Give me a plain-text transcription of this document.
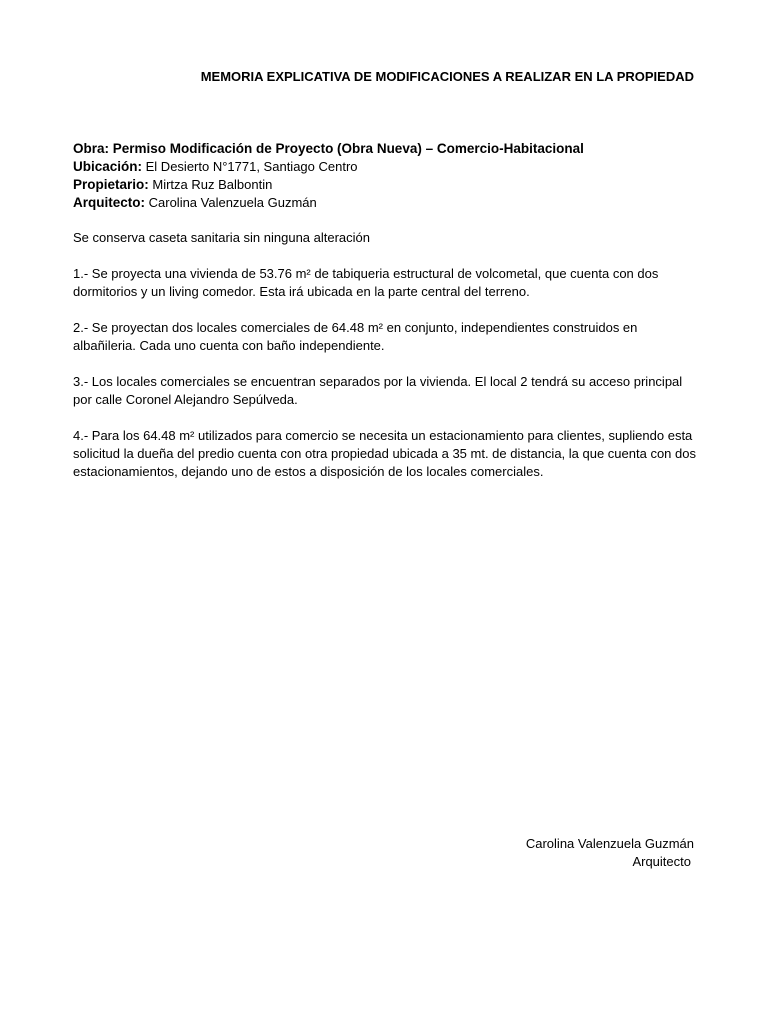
MEMORIA EXPLICATIVA DE MODIFICACIONES A REALIZAR EN LA PROPIEDAD
Obra: Permiso Modificación de Proyecto (Obra Nueva) – Comercio-Habitacional
Ubicación: El Desierto N°1771, Santiago Centro
Propietario: Mirtza Ruz Balbontin
Arquitecto: Carolina Valenzuela Guzmán

Se conserva caseta sanitaria sin ninguna alteración

1.- Se proyecta una vivienda de 53.76 m² de tabiqueria estructural de volcometal, que cuenta con dos dormitorios y un living comedor. Esta irá ubicada en la parte central del terreno.

2.- Se proyectan dos locales comerciales de 64.48 m² en conjunto, independientes construidos en albañileria. Cada uno cuenta con baño independiente.

3.- Los locales comerciales se encuentran separados por la vivienda. El local 2 tendrá su acceso principal por calle Coronel Alejandro Sepúlveda.

4.- Para los 64.48 m² utilizados para comercio se necesita un estacionamiento para clientes, supliendo esta solicitud la dueña del predio cuenta con otra propiedad ubicada a 35 mt. de distancia, la que cuenta con dos estacionamientos, dejando uno de estos a disposición de los locales comerciales.

Carolina Valenzuela Guzmán
Arquitecto
